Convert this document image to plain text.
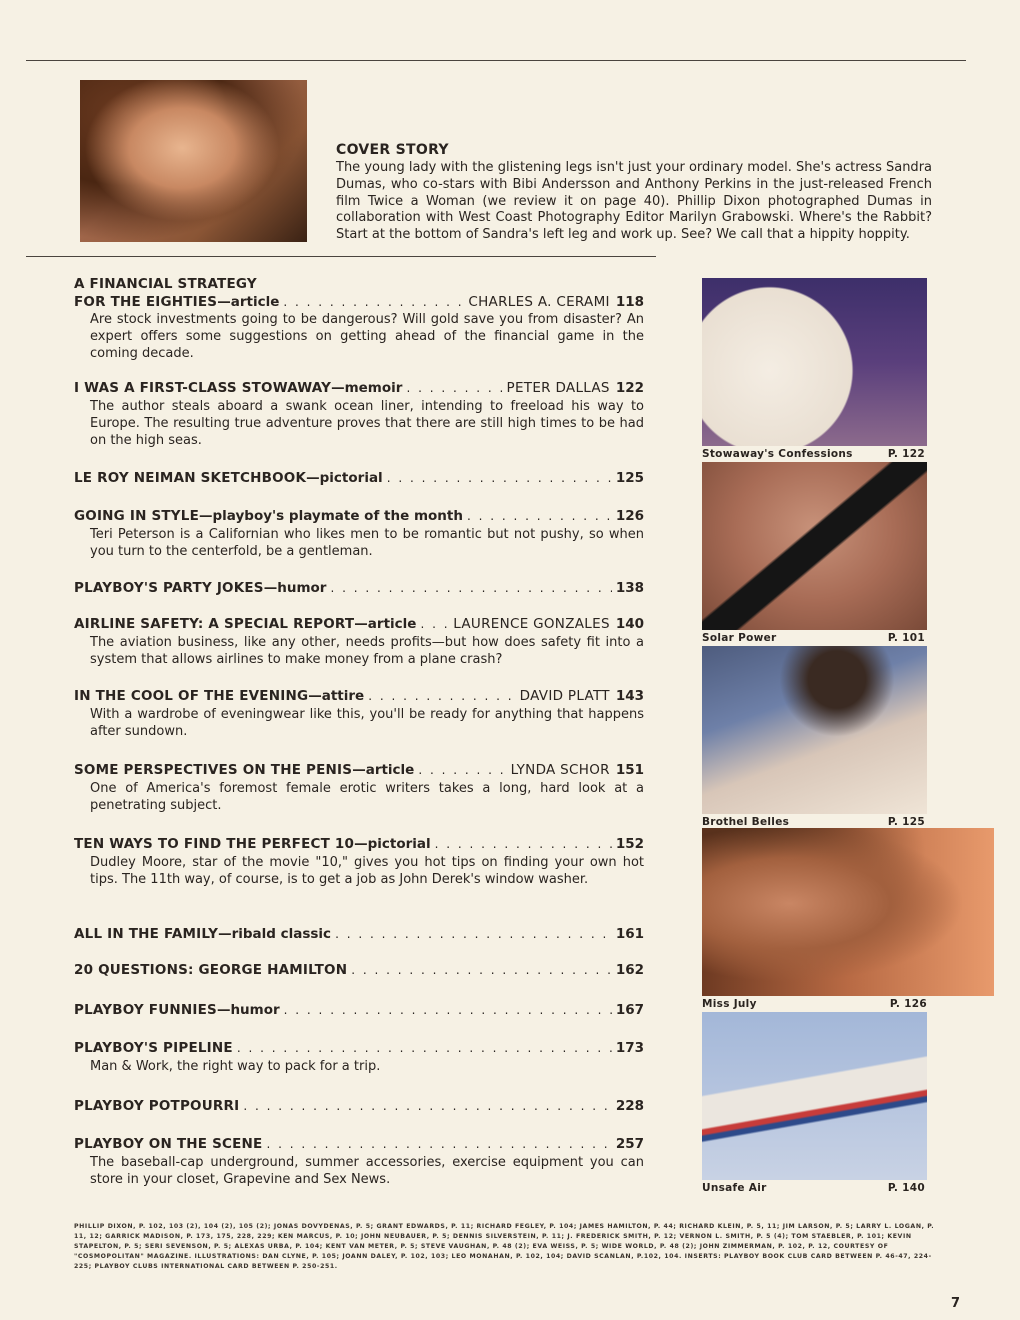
COVER STORY
The young lady with the glistening legs isn't just your ordinary model. She's actress Sandra Dumas, who co-stars with Bibi Andersson and Anthony Perkins in the just-released French film Twice a Woman (we review it on page 40). Phillip Dixon photographed Dumas in collaboration with West Coast Photography Editor Marilyn Grabowski. Where's the Rabbit? Start at the bottom of Sandra's left leg and work up. See? We call that a hippity hoppity.
A FINANCIAL STRATEGY
FOR THE EIGHTIES —article . . .	CHARLES A. CERAMI 118
Are stock investments going to be dangerous? Will gold save you from disaster? An expert offers some suggestions on getting ahead of the financial game in the coming decade.
I WAS A FIRST-CLASS STOWAWAY —memoir . . .	PETER DALLAS 122
The author steals aboard a swank ocean liner, intending to freeload his way to Europe. The resulting true adventure proves that there are still high times to be had on the high seas.
LE ROY NEIMAN SKETCHBOOK —pictorial . . .	125
GOING IN STYLE —playboy's playmate of the month . . .	126
Teri Peterson is a Californian who likes men to be romantic but not pushy, so when you turn to the centerfold, be a gentleman.
PLAYBOY'S PARTY JOKES —humor . . .	138
AIRLINE SAFETY: A SPECIAL REPORT —article . . .	LAURENCE GONZALES 140
The aviation business, like any other, needs profits—but how does safety fit into a system that allows airlines to make money from a plane crash?
IN THE COOL OF THE EVENING —attire . . .	DAVID PLATT 143
With a wardrobe of eveningwear like this, you'll be ready for anything that happens after sundown.
SOME PERSPECTIVES ON THE PENIS —article . . .	LYNDA SCHOR 151
One of America's foremost female erotic writers takes a long, hard look at a penetrating subject.
TEN WAYS TO FIND THE PERFECT 10 —pictorial . . .	152
Dudley Moore, star of the movie "10," gives you hot tips on finding your own hot tips. The 11th way, of course, is to get a job as John Derek's window washer.
ALL IN THE FAMILY —ribald classic . . .	161
20 QUESTIONS: GEORGE HAMILTON . . .	162
PLAYBOY FUNNIES —humor . . .	167
PLAYBOY'S PIPELINE . . .	173
Man & Work, the right way to pack for a trip.
PLAYBOY POTPOURRI . . .	228
PLAYBOY ON THE SCENE . . .	257
The baseball-cap underground, summer accessories, exercise equipment you can store in your closet, Grapevine and Sex News.
Stowaway's Confessions	P. 122
Solar Power	P. 101
Brothel Belles	P. 125
Miss July	P. 126
Unsafe Air	P. 140
PHILLIP DIXON, P. 102, 103 (2), 104 (2), 105 (2); JONAS DOVYDENAS, P. 5; GRANT EDWARDS, P. 11; RICHARD FEGLEY, P. 104; JAMES HAMILTON, P. 44; RICHARD KLEIN, P. 5, 11; JIM LARSON, P. 5; LARRY L. LOGAN, P. 11, 12; GARRICK MADISON, P. 173, 175, 228, 229; KEN MARCUS, P. 10; JOHN NEUBAUER, P. 5; DENNIS SILVERSTEIN, P. 11; J. FREDERICK SMITH, P. 12; VERNON L. SMITH, P. 5 (4); TOM STAEBLER, P. 101; KEVIN STAPELTON, P. 5; SERI SEVENSON, P. 5; ALEXAS URBA, P. 104; KENT VAN METER, P. 5; STEVE VAUGHAN, P. 48 (2); EVA WEISS, P. 5; WIDE WORLD, P. 48 (2); JOHN ZIMMERMAN, P. 102, P. 12, COURTESY OF "COSMOPOLITAN" MAGAZINE. ILLUSTRATIONS: DAN CLYNE, P. 105; JOANN DALEY, P. 102, 103; LEO MONAHAN, P. 102, 104; DAVID SCANLAN, P.102, 104. INSERTS: PLAYBOY BOOK CLUB CARD BETWEEN P. 46-47, 224-225; PLAYBOY CLUBS INTERNATIONAL CARD BETWEEN P. 250-251.
7
